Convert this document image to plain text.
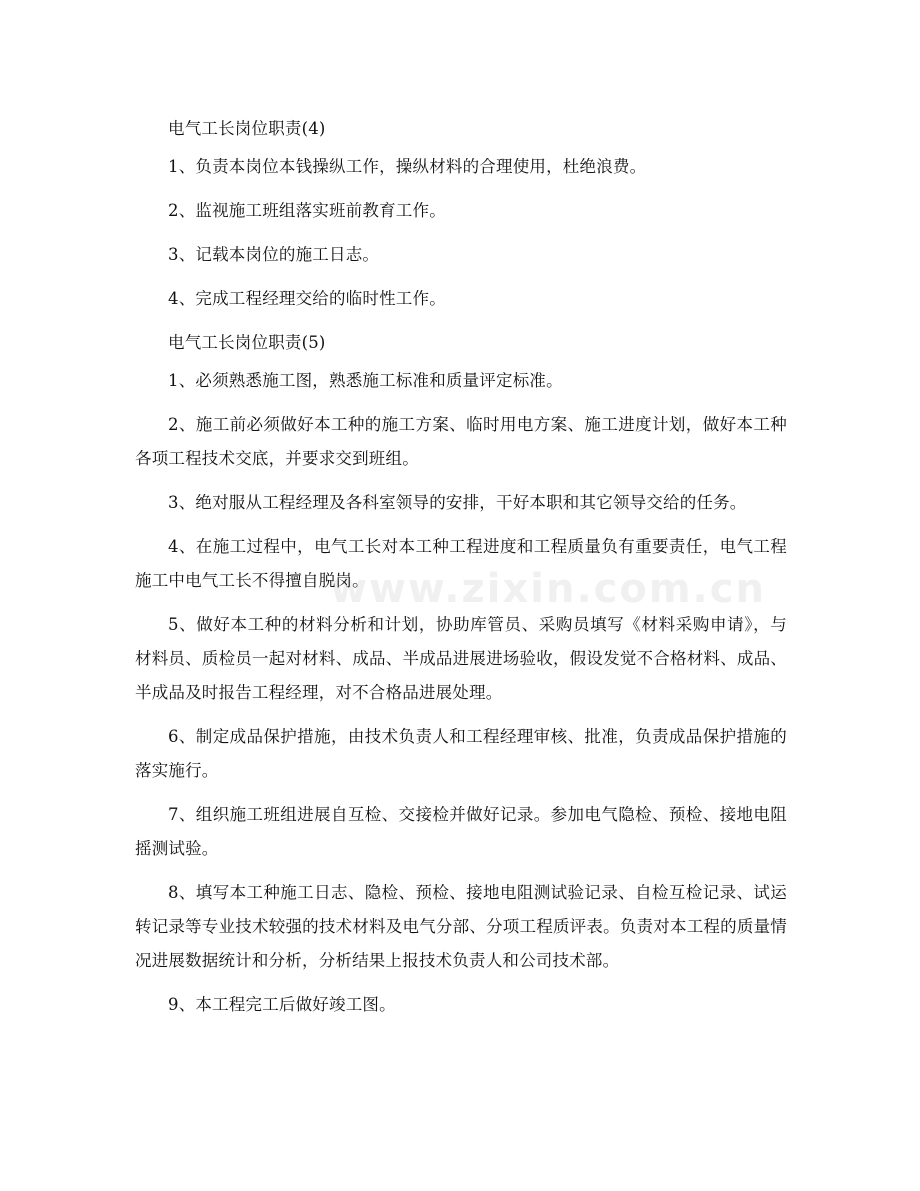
www.zixin.com.cn

电气工长岗位职责(4)

1、负责本岗位本钱操纵工作，操纵材料的合理使用，杜绝浪费。

2、监视施工班组落实班前教育工作。

3、记载本岗位的施工日志。

4、完成工程经理交给的临时性工作。

电气工长岗位职责(5)

1、必须熟悉施工图，熟悉施工标准和质量评定标准。

2、施工前必须做好本工种的施工方案、临时用电方案、施工进度计划，做好本工种各项工程技术交底，并要求交到班组。

3、绝对服从工程经理及各科室领导的安排，干好本职和其它领导交给的任务。

4、在施工过程中，电气工长对本工种工程进度和工程质量负有重要责任，电气工程施工中电气工长不得擅自脱岗。

5、做好本工种的材料分析和计划，协助库管员、采购员填写《材料采购申请》，与材料员、质检员一起对材料、成品、半成品进展进场验收，假设发觉不合格材料、成品、半成品及时报告工程经理，对不合格品进展处理。

6、制定成品保护措施，由技术负责人和工程经理审核、批准，负责成品保护措施的落实施行。

7、组织施工班组进展自互检、交接检并做好记录。参加电气隐检、预检、接地电阻摇测试验。

8、填写本工种施工日志、隐检、预检、接地电阻测试验记录、自检互检记录、试运转记录等专业技术较强的技术材料及电气分部、分项工程质评表。负责对本工程的质量情况进展数据统计和分析，分析结果上报技术负责人和公司技术部。

9、本工程完工后做好竣工图。
